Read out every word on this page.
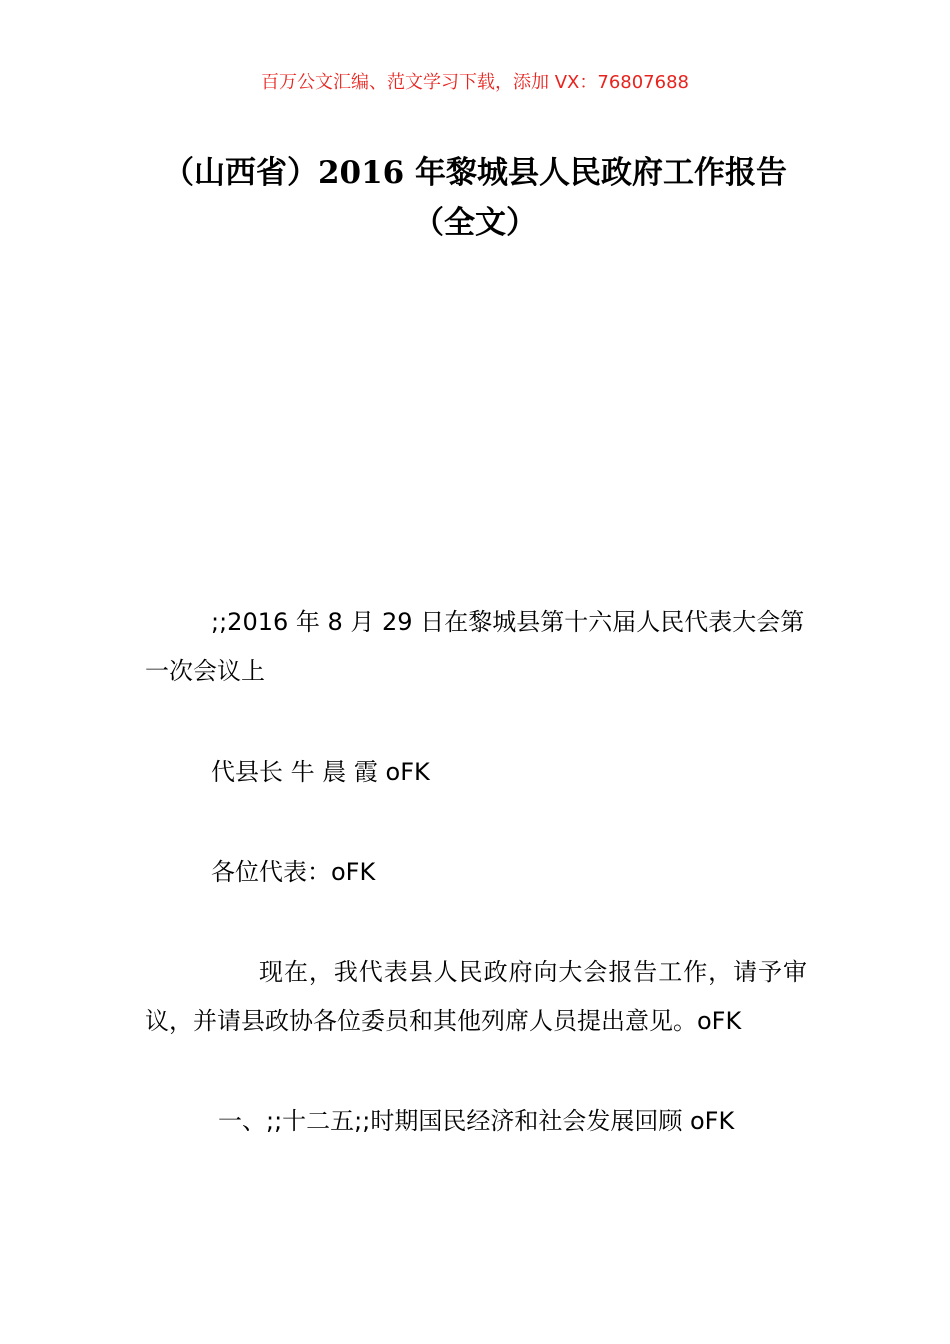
百万公文汇编、范文学习下载，添加 VX：76807688
（山西省）2016 年黎城县人民政府工作报告（全文）
;;2016 年 8 月 29 日在黎城县第十六届人民代表大会第一次会议上
代县长 牛 晨 霞 oFK
各位代表：oFK
现在，我代表县人民政府向大会报告工作，请予审议，并请县政协各位委员和其他列席人员提出意见。oFK
一、;;十二五;;时期国民经济和社会发展回顾 oFK
